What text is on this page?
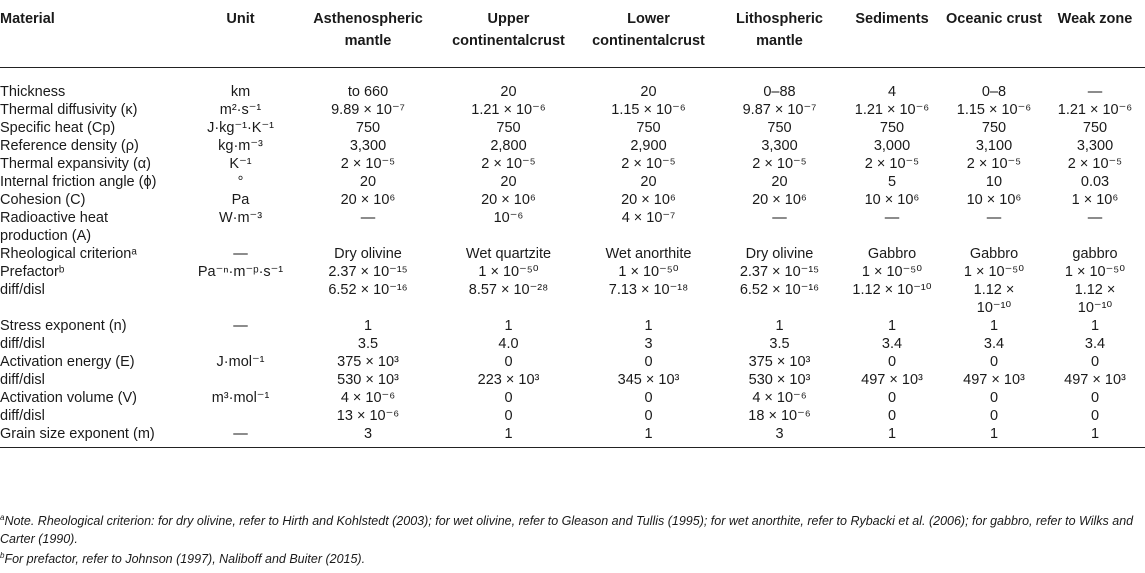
Material	Unit	Asthenospheric mantle	Upper continentalcrust	Lower continentalcrust	Lithospheric mantle	Sediments	Oceanic crust	Weak zone
Thickness	km	to 660	20	20	0–88	4	0–8	—
Thermal diffusivity (κ)	m²·s⁻¹	9.89 × 10⁻⁷	1.21 × 10⁻⁶	1.15 × 10⁻⁶	9.87 × 10⁻⁷	1.21 × 10⁻⁶	1.15 × 10⁻⁶	1.21 × 10⁻⁶
Specific heat (Cp)	J·kg⁻¹·K⁻¹	750	750	750	750	750	750	750
Reference density (ρ)	kg·m⁻³	3,300	2,800	2,900	3,300	3,000	3,100	3,300
Thermal expansivity (α)	K⁻¹	2 × 10⁻⁵	2 × 10⁻⁵	2 × 10⁻⁵	2 × 10⁻⁵	2 × 10⁻⁵	2 × 10⁻⁵	2 × 10⁻⁵
Internal friction angle (ϕ)	°	20	20	20	20	5	10	0.03
Cohesion (C)	Pa	20 × 10⁶	20 × 10⁶	20 × 10⁶	20 × 10⁶	10 × 10⁶	10 × 10⁶	1 × 10⁶
Radioactive heat	W·m⁻³	—	10⁻⁶	4 × 10⁻⁷	—	—	—	—
production (A)								
Rheological criterionᵃ	—	Dry olivine	Wet quartzite	Wet anorthite	Dry olivine	Gabbro	Gabbro	gabbro
Prefactorᵇ	Pa⁻ⁿ·m⁻ᵖ·s⁻¹	2.37 × 10⁻¹⁵	1 × 10⁻⁵⁰	1 × 10⁻⁵⁰	2.37 × 10⁻¹⁵	1 × 10⁻⁵⁰	1 × 10⁻⁵⁰	1 × 10⁻⁵⁰
diff/disl		6.52 × 10⁻¹⁶	8.57 × 10⁻²⁸	7.13 × 10⁻¹⁸	6.52 × 10⁻¹⁶	1.12 × 10⁻¹⁰	1.12 ×	1.12 ×
							10⁻¹⁰	10⁻¹⁰
Stress exponent (n)	—	1	1	1	1	1	1	1
diff/disl		3.5	4.0	3	3.5	3.4	3.4	3.4
Activation energy (E)	J·mol⁻¹	375 × 10³	0	0	375 × 10³	0	0	0
diff/disl		530 × 10³	223 × 10³	345 × 10³	530 × 10³	497 × 10³	497 × 10³	497 × 10³
Activation volume (V)	m³·mol⁻¹	4 × 10⁻⁶	0	0	4 × 10⁻⁶	0	0	0
diff/disl		13 × 10⁻⁶	0	0	18 × 10⁻⁶	0	0	0
Grain size exponent (m)	—	3	1	1	3	1	1	1

$^a$Note. Rheological criterion: for dry olivine, refer to Hirth and Kohlstedt (2003); for wet olivine, refer to Gleason and Tullis (1995); for wet anorthite, refer to Rybacki et al. (2006); for gabbro, refer to Wilks and Carter (1990).

$^b$For prefactor, refer to Johnson (1997), Naliboff and Buiter (2015).
